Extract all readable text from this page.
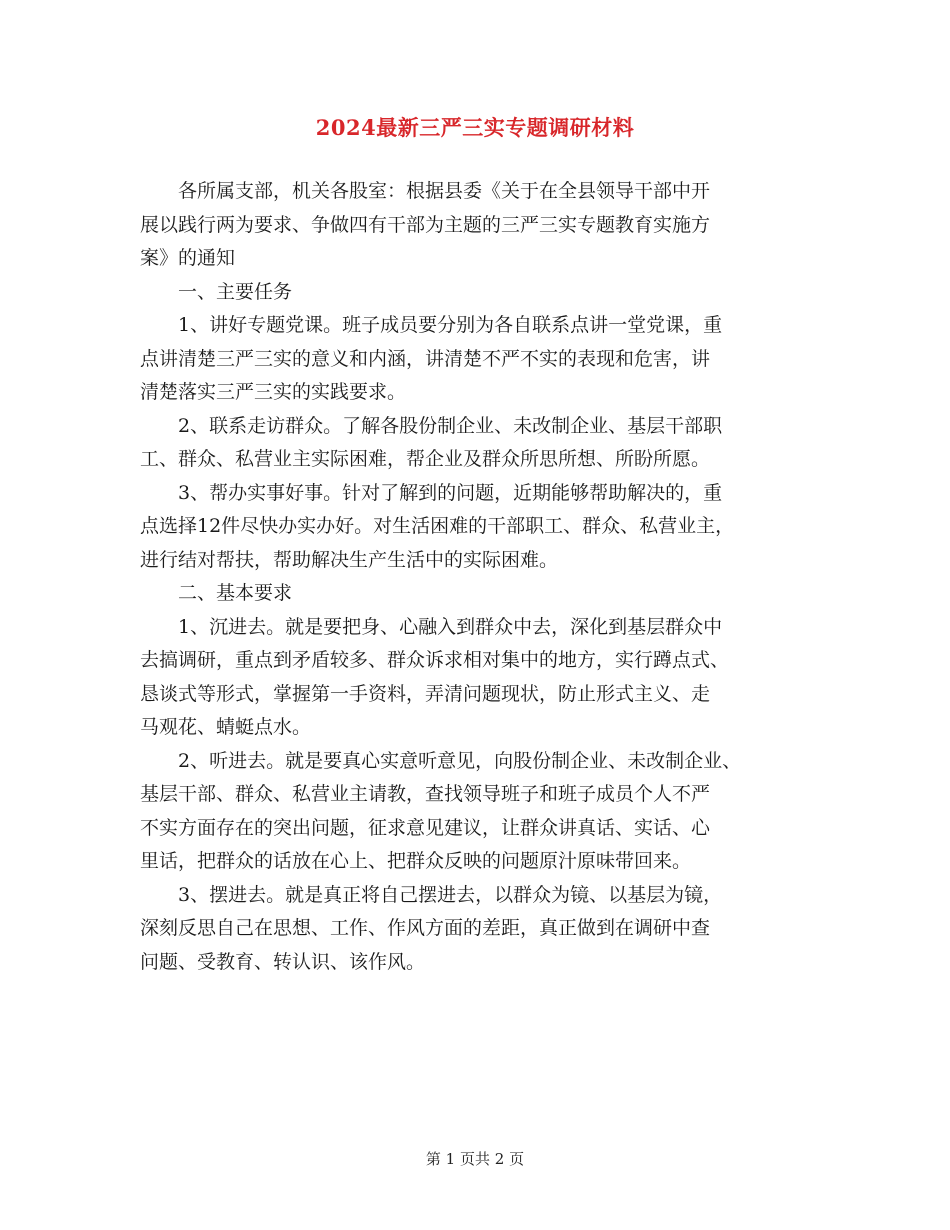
2024最新三严三实专题调研材料

各所属支部，机关各股室：根据县委《关于在全县领导干部中开
展以践行两为要求、争做四有干部为主题的三严三实专题教育实施方
案》的通知

一、主要任务

1、讲好专题党课。班子成员要分别为各自联系点讲一堂党课，重
点讲清楚三严三实的意义和内涵，讲清楚不严不实的表现和危害，讲
清楚落实三严三实的实践要求。

2、联系走访群众。了解各股份制企业、未改制企业、基层干部职
工、群众、私营业主实际困难，帮企业及群众所思所想、所盼所愿。

3、帮办实事好事。针对了解到的问题，近期能够帮助解决的，重
点选择12件尽快办实办好。对生活困难的干部职工、群众、私营业主，
进行结对帮扶，帮助解决生产生活中的实际困难。

二、基本要求

1、沉进去。就是要把身、心融入到群众中去，深化到基层群众中
去搞调研，重点到矛盾较多、群众诉求相对集中的地方，实行蹲点式、
恳谈式等形式，掌握第一手资料，弄清问题现状，防止形式主义、走
马观花、蜻蜓点水。

2、听进去。就是要真心实意听意见，向股份制企业、未改制企业、
基层干部、群众、私营业主请教，查找领导班子和班子成员个人不严
不实方面存在的突出问题，征求意见建议，让群众讲真话、实话、心
里话，把群众的话放在心上、把群众反映的问题原汁原味带回来。

3、摆进去。就是真正将自己摆进去，以群众为镜、以基层为镜，
深刻反思自己在思想、工作、作风方面的差距，真正做到在调研中查
问题、受教育、转认识、该作风。

第 1 页共 2 页
